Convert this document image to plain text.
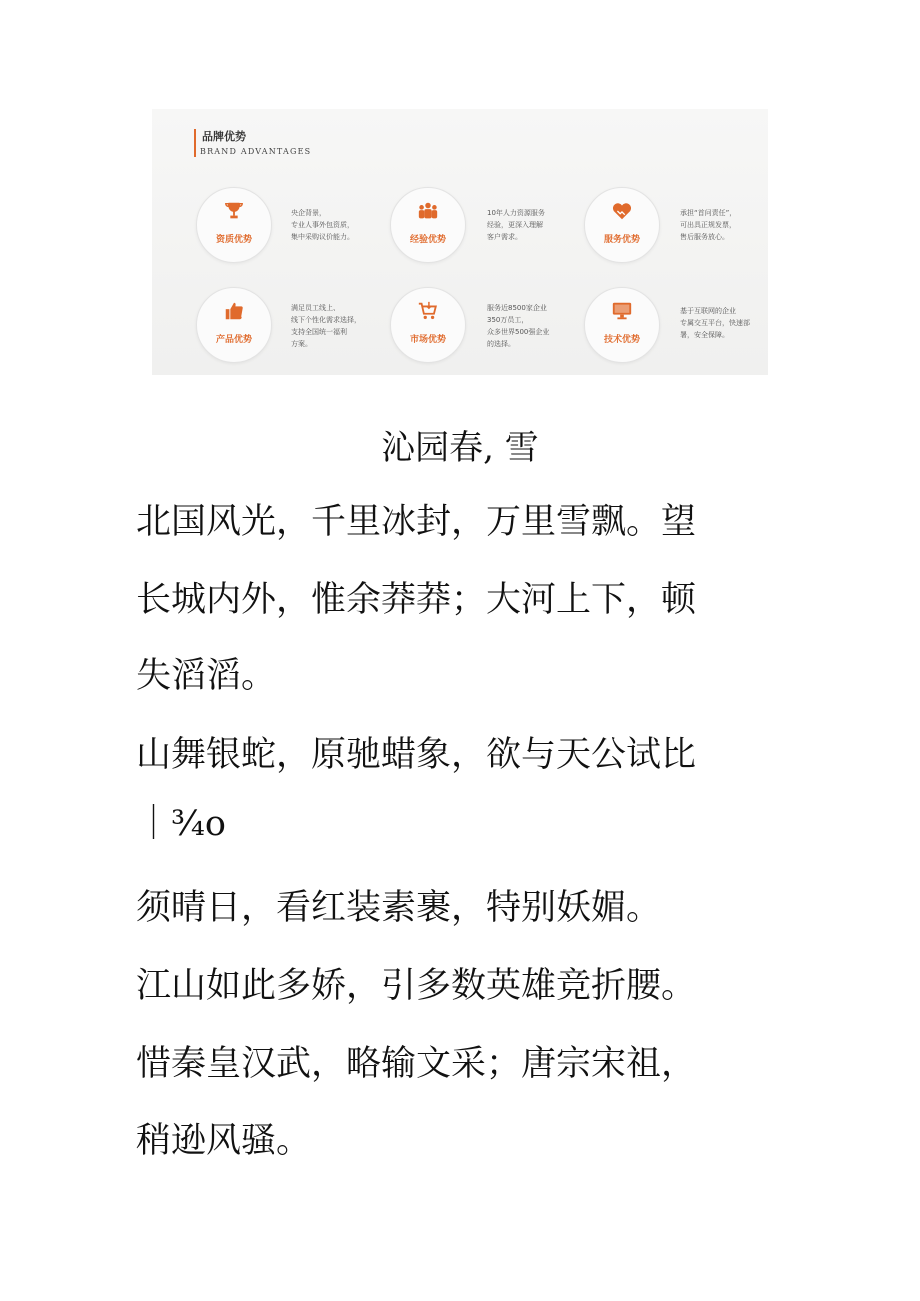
品牌优势
BRAND ADVANTAGES
资质优势
央企背景，
专业人事外包资质，
集中采购议价能力。	经验优势
10年人力资源服务
经验，更深入理解
客户需求。	服务优势
承担“首问责任”，
可出具正规发票，
售后服务放心。
产品优势
满足员工线上、
线下个性化需求选择，
支持全国统一福利
方案。	市场优势
服务近8500家企业
350万员工，
众多世界500强企业
的选择。	技术优势
基于互联网的企业
专属交互平台，快速部
署，安全保障。
沁园春, 雪
北国风光，千里冰封，万里雪飘。望
长城内外，惟余莽莽；大河上下，顿
失滔滔。
山舞银蛇，原驰蜡象，欲与天公试比
｜¾o
须晴日，看红装素裹，特别妖媚。
江山如此多娇，引多数英雄竞折腰。
惜秦皇汉武，略输文采；唐宗宋祖，
稍逊风骚。
